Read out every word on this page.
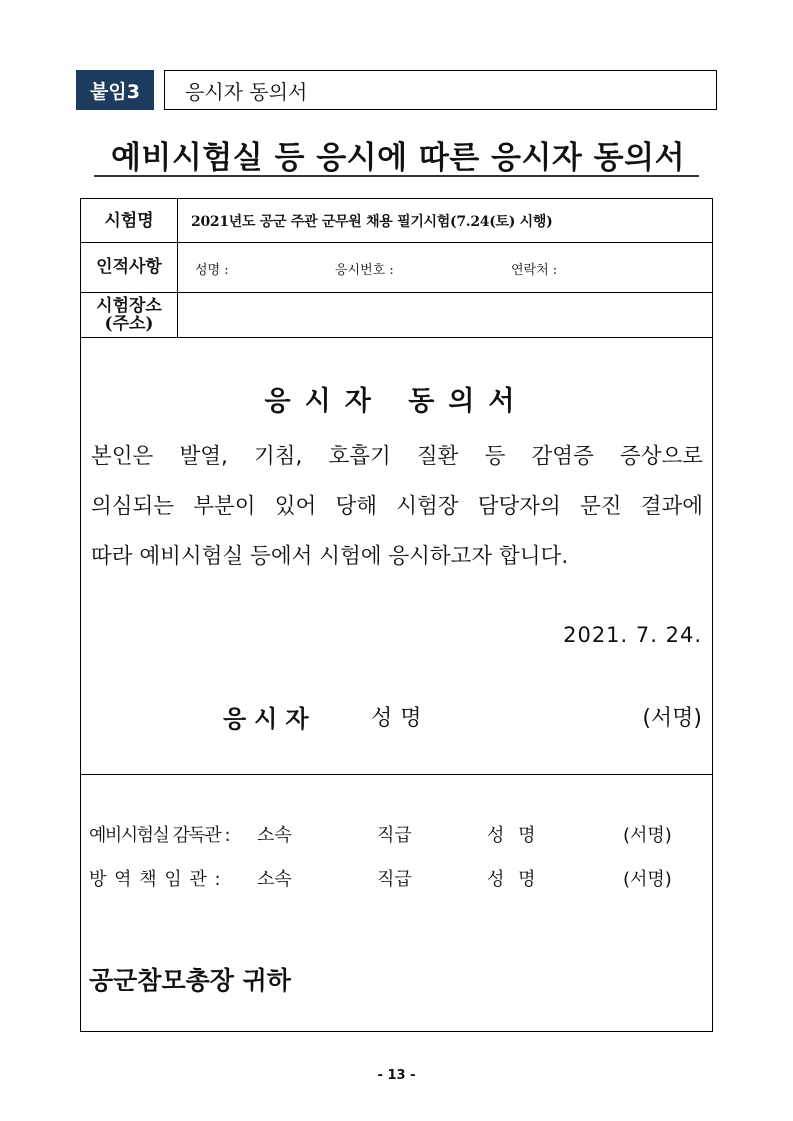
붙임3	응시자 동의서
예비시험실 등 응시에 따른 응시자 동의서
시험명	2021년도 공군 주관 군무원 채용 필기시험(7.24(토) 시행)
인적사항	성명 :	응시번호 :	연락처 :
시험장소
(주소)
응시자 동의서
본인은 발열, 기침, 호흡기 질환 등 감염증 증상으로
의심되는 부분이 있어 당해 시험장 담당자의 문진 결과에
따라 예비시험실 등에서 시험에 응시하고자 합니다.
2021. 7. 24.
응시자 성명	(서명)
예비시험실 감독관 : 소속	직급	성 명	(서명)
방 역 책 임 관 : 소속	직급	성 명	(서명)
공군참모총장 귀하
- 13 -
